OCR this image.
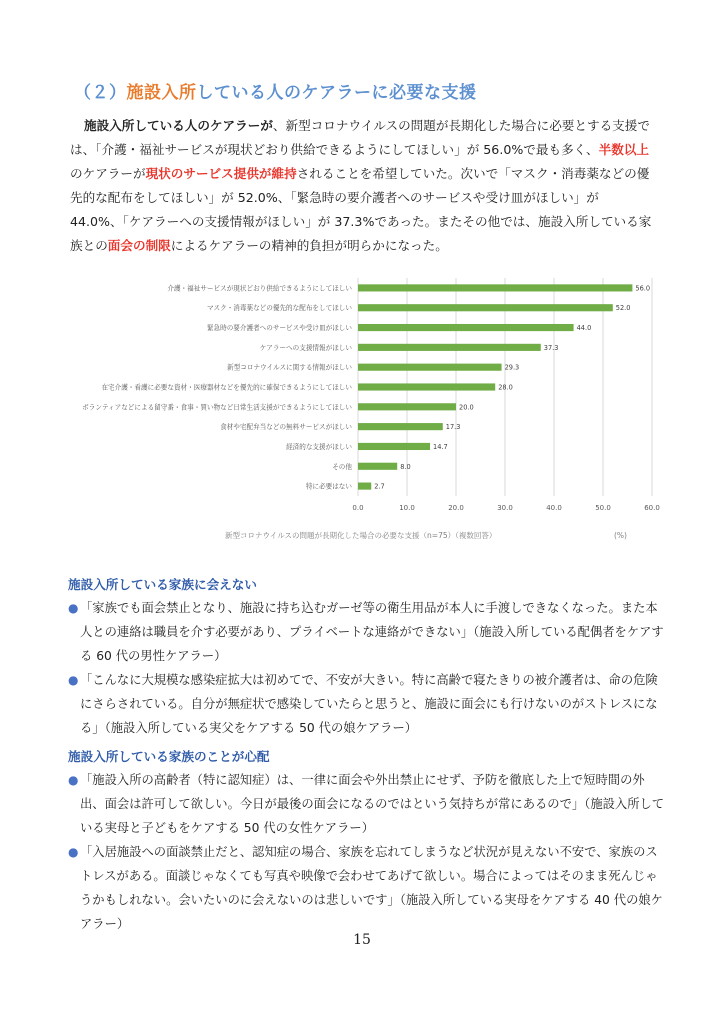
（２）施設入所している人のケアラーに必要な支援
施設入所している人のケアラーが、新型コロナウイルスの問題が長期化した場合に必要とする支援では、「介護・福祉サービスが現状どおり供給できるようにしてほしい」が 56.0%で最も多く、半数以上のケアラーが現状のサービス提供が維持されることを希望していた。次いで「マスク・消毒薬などの優先的な配布をしてほしい」が 52.0%、「緊急時の要介護者へのサービスや受け皿がほしい」が 44.0%、「ケアラーへの支援情報がほしい」が 37.3%であった。またその他では、施設入所している家族との面会の制限によるケアラーの精神的負担が明らかになった。
0.0	10.0	20.0	30.0	40.0	50.0	60.0
介護・福祉サービスが現状どおり供給できるようにしてほしい	56.0
マスク・消毒薬などの優先的な配布をしてほしい	52.0
緊急時の要介護者へのサービスや受け皿がほしい	44.0
ケアラーへの支援情報がほしい	37.3
新型コロナウイルスに関する情報がほしい	29.3
在宅介護・看護に必要な資材・医療器材などを優先的に確保できるようにしてほしい	28.0
ボランティアなどによる留守番・食事・買い物など日常生活支援ができるようにしてほしい	20.0
食材や宅配弁当などの無料サービスがほしい	17.3
経済的な支援がほしい	14.7
その他	8.0
特に必要はない	2.7
新型コロナウイルスの問題が長期化した場合の必要な支援（n=75）（複数回答）	(%)
施設入所している家族に会えない
● 「家族でも面会禁止となり、施設に持ち込むガーゼ等の衛生用品が本人に手渡しできなくなった。また本人との連絡は職員を介す必要があり、プライベートな連絡ができない」（施設入所している配偶者をケアする 60 代の男性ケアラー）
● 「こんなに大規模な感染症拡大は初めてで、不安が大きい。特に高齢で寝たきりの被介護者は、命の危険にさらされている。自分が無症状で感染していたらと思うと、施設に面会にも行けないのがストレスになる」（施設入所している実父をケアする 50 代の娘ケアラー）
施設入所している家族のことが心配
● 「施設入所の高齢者（特に認知症）は、一律に面会や外出禁止にせず、予防を徹底した上で短時間の外出、面会は許可して欲しい。今日が最後の面会になるのではという気持ちが常にあるので」（施設入所している実母と子どもをケアする 50 代の女性ケアラー）
● 「入居施設への面談禁止だと、認知症の場合、家族を忘れてしまうなど状況が見えない不安で、家族のストレスがある。面談じゃなくても写真や映像で会わせてあげて欲しい。場合によってはそのまま死んじゃうかもしれない。会いたいのに会えないのは悲しいです」（施設入所している実母をケアする 40 代の娘ケアラー）
15
